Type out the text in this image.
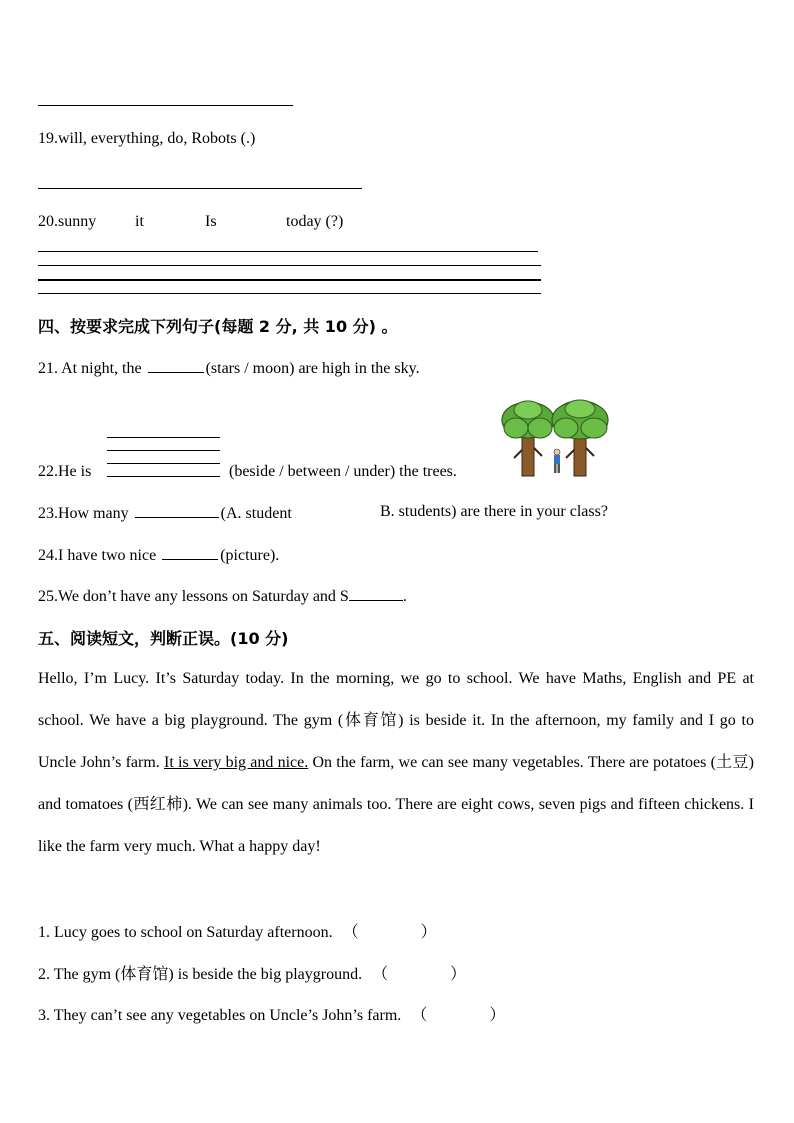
19.will, everything, do, Robots (.)
20.sunny it	Is	today (?)
四、按要求完成下列句子(每题 2 分, 共 10 分) 。
21. At night, the	(stars / moon) are high in the sky.
22.He is	(beside / between / under) the trees.
23.How many	(A. student	B. students) are there in your class?
24.I have two nice	(picture).
25.We don’t have any lessons on Saturday and S	.
五、阅读短文，判断正误。(10 分)
Hello, I’m Lucy. It’s Saturday today. In the morning, we go to school. We have Maths, English and PE at school. We have a big playground. The gym (体育馆) is beside it. In the afternoon, my family and I go to Uncle John’s farm. It is very big and nice. On the farm, we can see many vegetables. There are potatoes (土豆) and tomatoes (西红柿). We can see many animals too. There are eight cows, seven pigs and fifteen chickens. I like the farm very much. What a happy day!
1. Lucy goes to school on Saturday afternoon. （	）
2. The gym (体育馆) is beside the big playground. （	）
3. They can’t see any vegetables on Uncle’s John’s farm. （	）
